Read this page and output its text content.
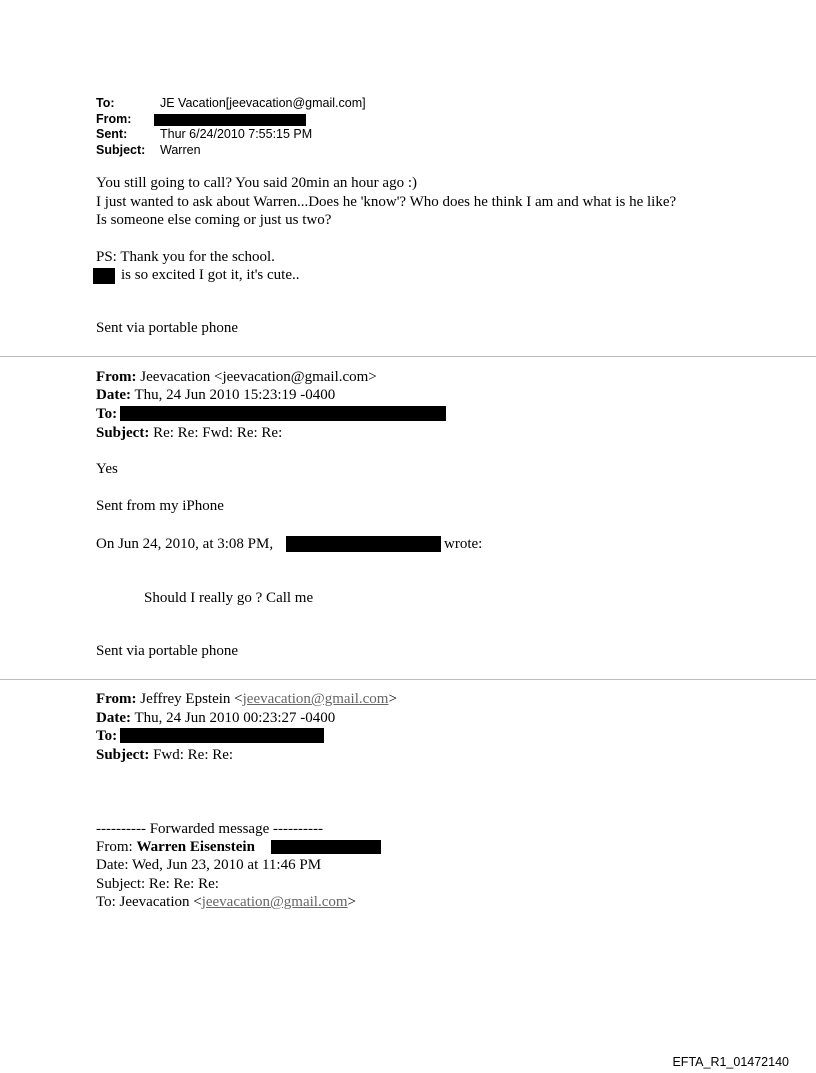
To:	JE Vacation[jeevacation@gmail.com]
From:
Sent:	Thur 6/24/2010 7:55:15 PM
Subject: Warren
You still going to call? You said 20min an hour ago :)
I just wanted to ask about Warren...Does he 'know'? Who does he think I am and what is he like?
Is someone else coming or just us two?
PS: Thank you for the school.
is so excited I got it, it's cute..
Sent via portable phone
From: Jeevacation <jeevacation@gmail.com>
Date: Thu, 24 Jun 2010 15:23:19 -0400
To:
Subject: Re: Re: Fwd: Re: Re:
Yes
Sent from my iPhone
On Jun 24, 2010, at 3:08 PM,	wrote:
Should I really go ? Call me
Sent via portable phone
From: Jeffrey Epstein <jeevacation@gmail.com>
Date: Thu, 24 Jun 2010 00:23:27 -0400
To:
Subject: Fwd: Re: Re:
---------- Forwarded message ----------
From: Warren Eisenstein
Date: Wed, Jun 23, 2010 at 11:46 PM
Subject: Re: Re: Re:
To: Jeevacation <jeevacation@gmail.com>
EFTA_R1_01472140
